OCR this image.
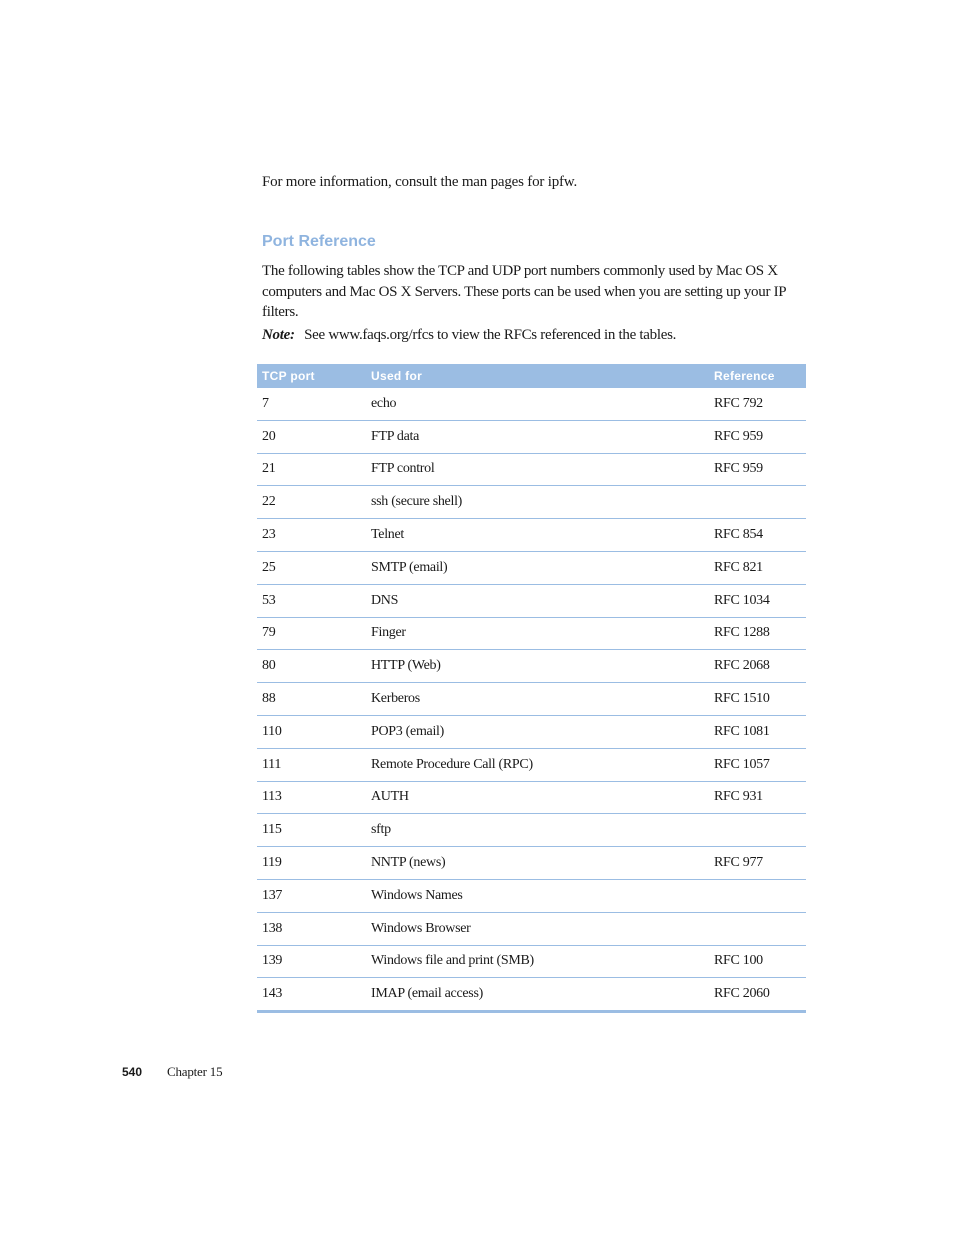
For more information, consult the man pages for ipfw.
Port Reference
The following tables show the TCP and UDP port numbers commonly used by Mac OS X computers and Mac OS X Servers. These ports can be used when you are setting up your IP filters.
Note: See www.faqs.org/rfcs to view the RFCs referenced in the tables.
TCP port	Used for	Reference
7	echo	RFC 792
20	FTP data	RFC 959
21	FTP control	RFC 959
22	ssh (secure shell)	
23	Telnet	RFC 854
25	SMTP (email)	RFC 821
53	DNS	RFC 1034
79	Finger	RFC 1288
80	HTTP (Web)	RFC 2068
88	Kerberos	RFC 1510
110	POP3 (email)	RFC 1081
111	Remote Procedure Call (RPC)	RFC 1057
113	AUTH	RFC 931
115	sftp	
119	NNTP (news)	RFC 977
137	Windows Names	
138	Windows Browser	
139	Windows file and print (SMB)	RFC 100
143	IMAP (email access)	RFC 2060
540 Chapter 15
